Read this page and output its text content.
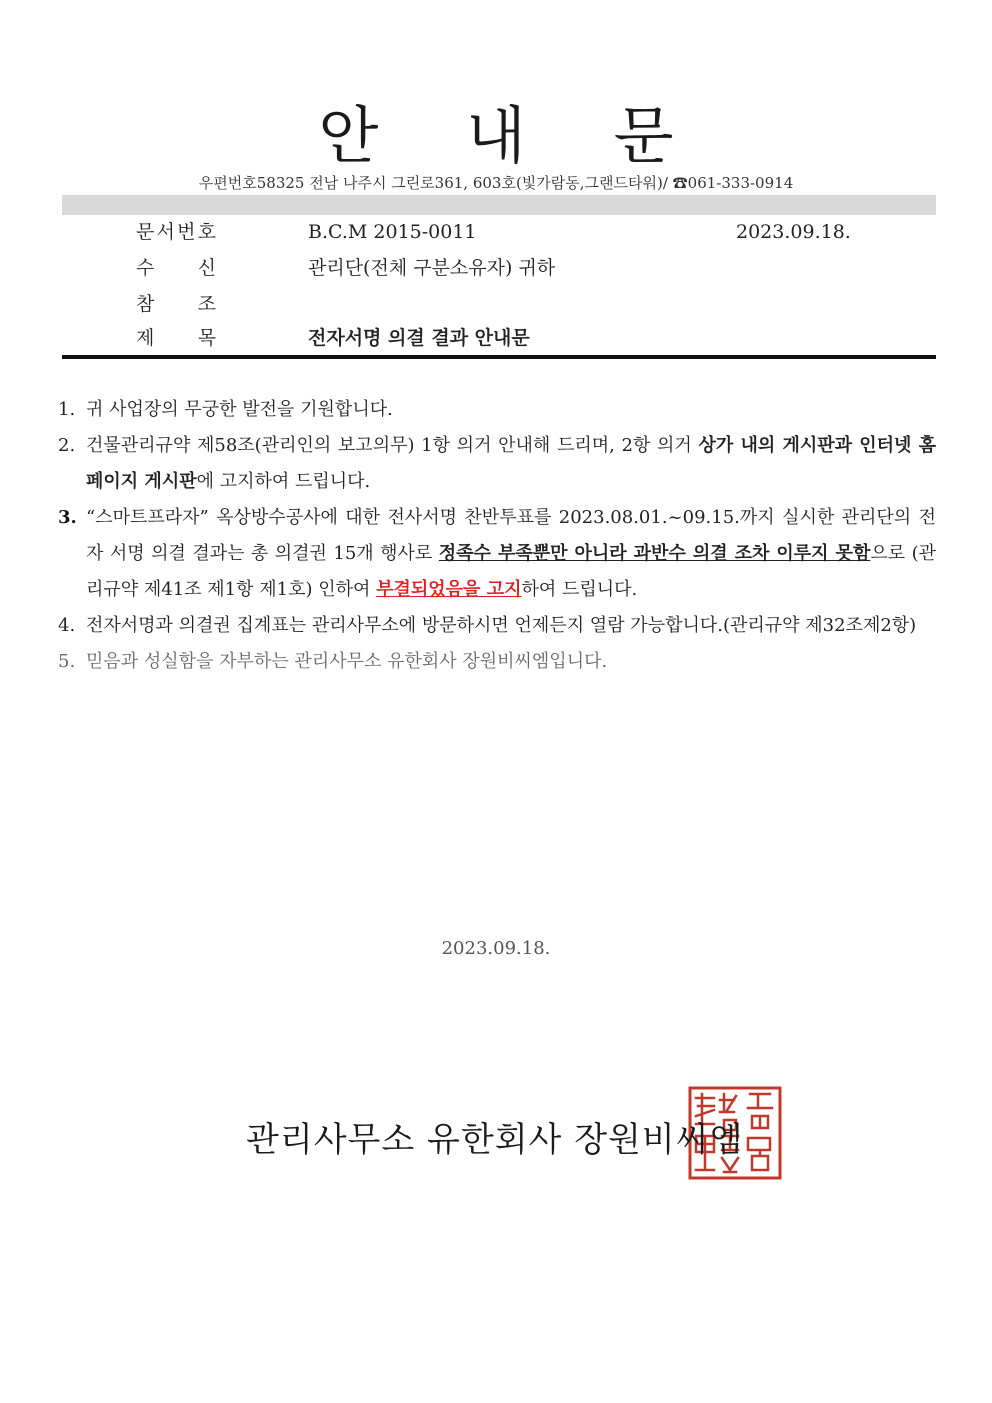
안 내 문
우편번호58325 전남 나주시 그린로361, 603호(빛가람동,그랜드타워)/ ☎061-333-0914
문 서 번 호	B.C.M 2015-0011	2023.09.18.
수 신	관리단(전체 구분소유자) 귀하
참 조
제 목	전자서명 의결 결과 안내문
1. 귀 사업장의 무궁한 발전을 기원합니다.
2. 건물관리규약 제58조(관리인의 보고의무) 1항 의거 안내해 드리며, 2항 의거 상가 내의 게시판과 인터넷 홈페이지 게시판에 고지하여 드립니다.
3. “스마트프라자” 옥상방수공사에 대한 전사서명 찬반투표를 2023.08.01.~09.15.까지 실시한 관리단의 전자 서명 의결 결과는 총 의결권 15개 행사로 정족수 부족뿐만 아니라 과반수 의결 조차 이루지 못함으로 (관리규약 제41조 제1항 제1호) 인하여 부결되었음을 고지하여 드립니다.
4. 전자서명과 의결권 집계표는 관리사무소에 방문하시면 언제든지 열람 가능합니다.(관리규약 제32조제2항)
5. 믿음과 성실함을 자부하는 관리사무소 유한회사 장원비씨엠입니다.
2023.09.18.
관리사무소 유한회사 장원비씨엠
